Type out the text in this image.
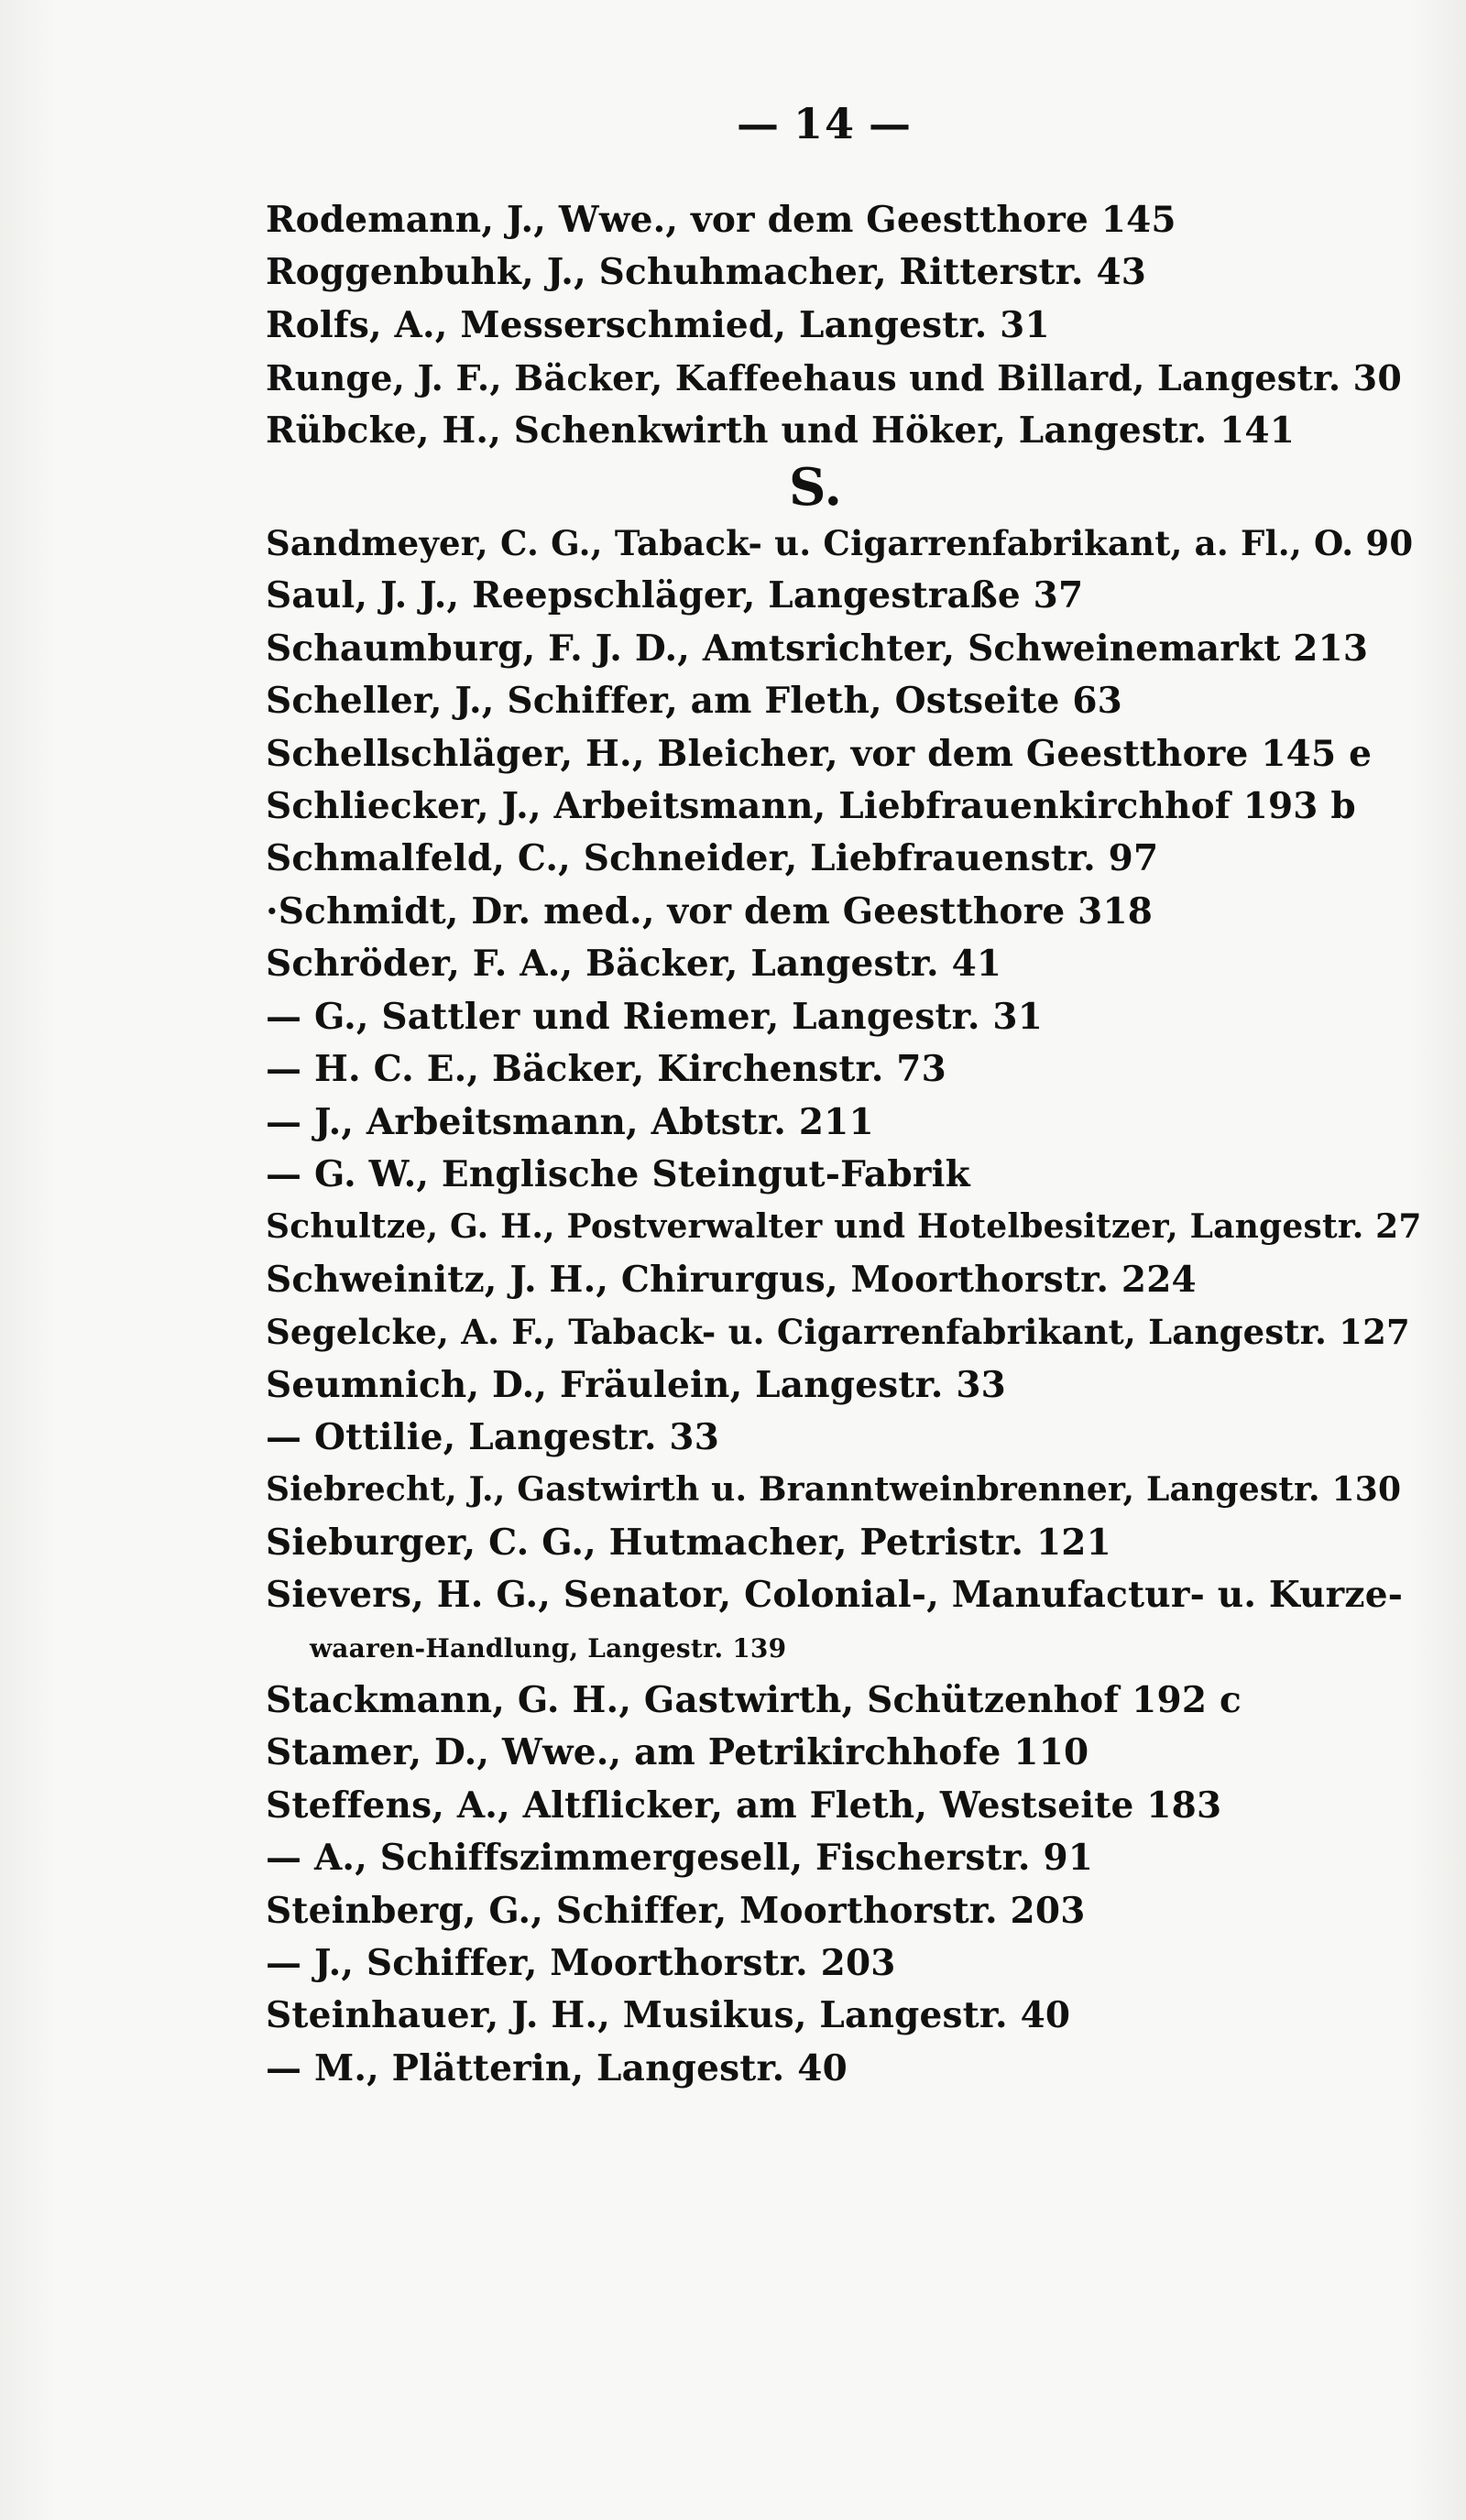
— 14 —
Rodemann, J., Wwe., vor dem Geestthore 145
Roggenbuhk, J., Schuhmacher, Ritterstr. 43
Rolfs, A., Messerschmied, Langestr. 31
Runge, J. F., Bäcker, Kaffeehaus und Billard, Langestr. 30
Rübcke, H., Schenkwirth und Höker, Langestr. 141
S.
Sandmeyer, C. G., Taback- u. Cigarrenfabrikant, a. Fl., O. 90
Saul, J. J., Reepschläger, Langestraße 37
Schaumburg, F. J. D., Amtsrichter, Schweinemarkt 213
Scheller, J., Schiffer, am Fleth, Ostseite 63
Schellschläger, H., Bleicher, vor dem Geestthore 145 e
Schliecker, J., Arbeitsmann, Liebfrauenkirchhof 193 b
Schmalfeld, C., Schneider, Liebfrauenstr. 97
·Schmidt, Dr. med., vor dem Geestthore 318
Schröder, F. A., Bäcker, Langestr. 41
— G., Sattler und Riemer, Langestr. 31
— H. C. E., Bäcker, Kirchenstr. 73
— J., Arbeitsmann, Abtstr. 211
— G. W., Englische Steingut-Fabrik
Schultze, G. H., Postverwalter und Hotelbesitzer, Langestr. 27
Schweinitz, J. H., Chirurgus, Moorthorstr. 224
Segelcke, A. F., Taback- u. Cigarrenfabrikant, Langestr. 127
Seumnich, D., Fräulein, Langestr. 33
— Ottilie, Langestr. 33
Siebrecht, J., Gastwirth u. Branntweinbrenner, Langestr. 130
Sieburger, C. G., Hutmacher, Petristr. 121
Sievers, H. G., Senator, Colonial-, Manufactur- u. Kurze-
waaren-Handlung, Langestr. 139
Stackmann, G. H., Gastwirth, Schützenhof 192 c
Stamer, D., Wwe., am Petrikirchhofe 110
Steffens, A., Altflicker, am Fleth, Westseite 183
— A., Schiffszimmergesell, Fischerstr. 91
Steinberg, G., Schiffer, Moorthorstr. 203
— J., Schiffer, Moorthorstr. 203
Steinhauer, J. H., Musikus, Langestr. 40
— M., Plätterin, Langestr. 40
